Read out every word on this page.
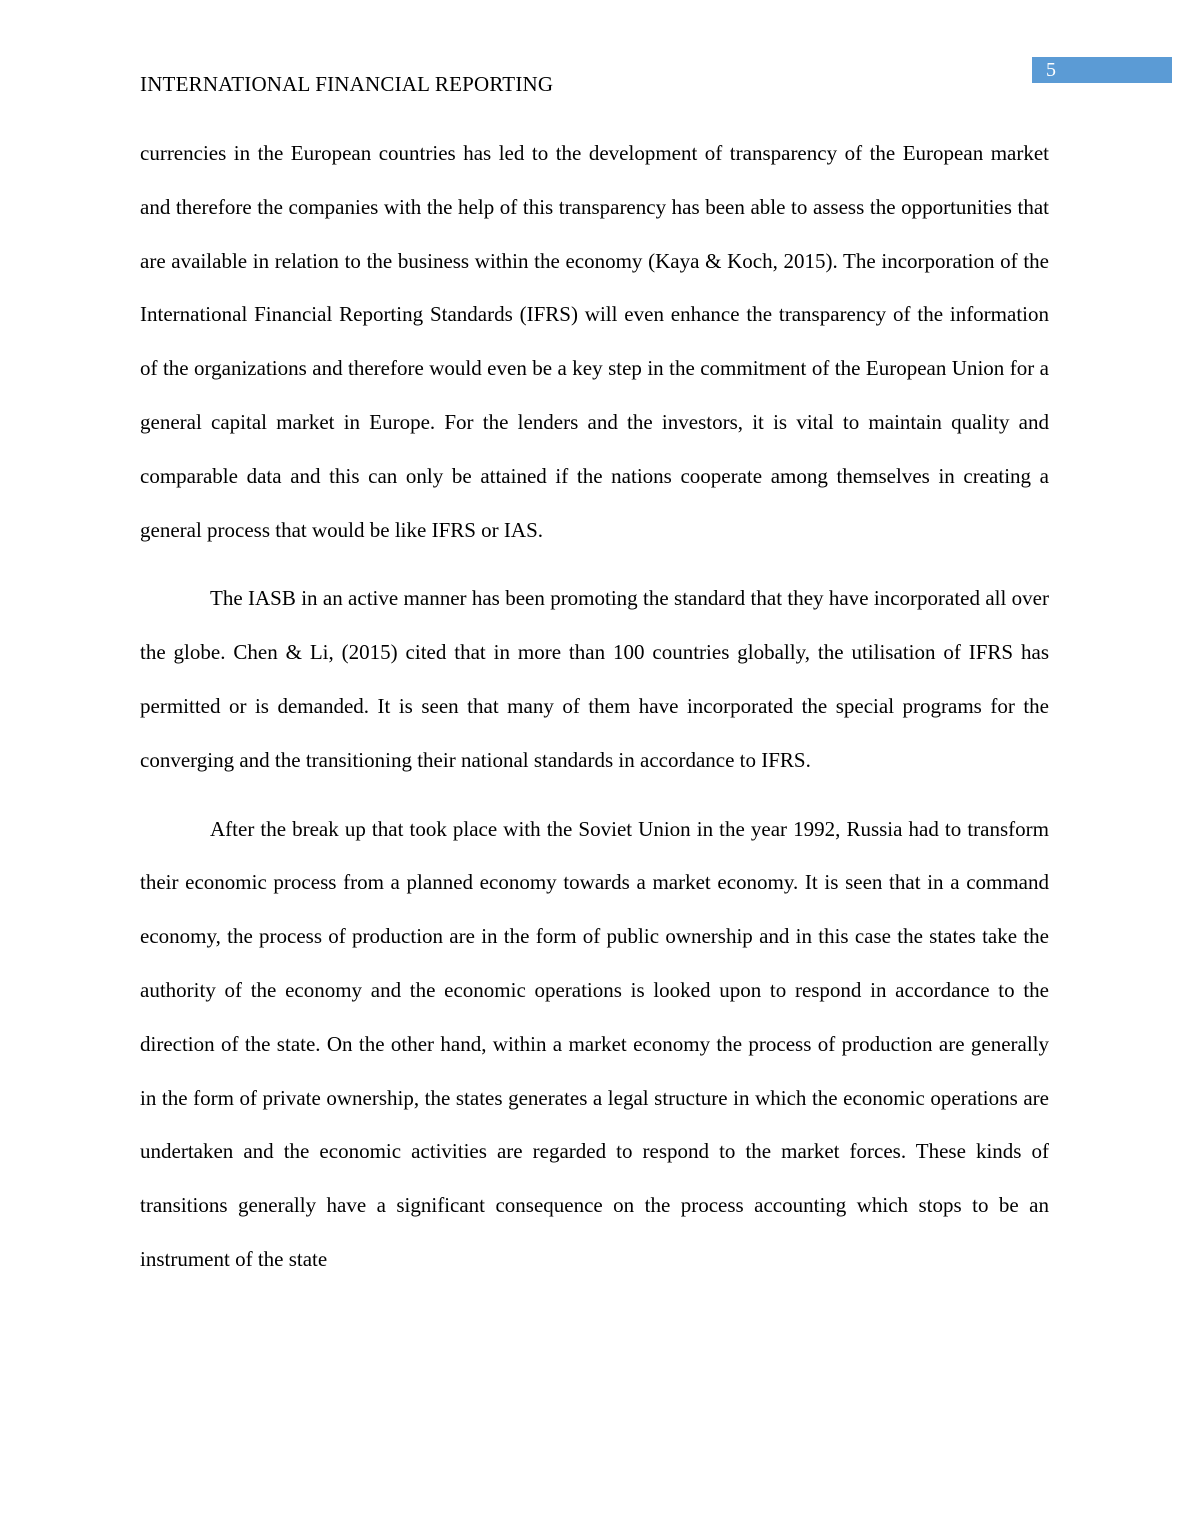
INTERNATIONAL FINANCIAL REPORTING
5

currencies in the European countries has led to the development of transparency of the European market and therefore the companies with the help of this transparency has been able to assess the opportunities that are available in relation to the business within the economy (Kaya & Koch, 2015). The incorporation of the International Financial Reporting Standards (IFRS) will even enhance the transparency of the information of the organizations and therefore would even be a key step in the commitment of the European Union for a general capital market in Europe. For the lenders and the investors, it is vital to maintain quality and comparable data and this can only be attained if the nations cooperate among themselves in creating a general process that would be like IFRS or IAS.

The IASB in an active manner has been promoting the standard that they have incorporated all over the globe. Chen & Li, (2015) cited that in more than 100 countries globally, the utilisation of IFRS has permitted or is demanded. It is seen that many of them have incorporated the special programs for the converging and the transitioning their national standards in accordance to IFRS.

After the break up that took place with the Soviet Union in the year 1992, Russia had to transform their economic process from a planned economy towards a market economy. It is seen that in a command economy, the process of production are in the form of public ownership and in this case the states take the authority of the economy and the economic operations is looked upon to respond in accordance to the direction of the state. On the other hand, within a market economy the process of production are generally in the form of private ownership, the states generates a legal structure in which the economic operations are undertaken and the economic activities are regarded to respond to the market forces. These kinds of transitions generally have a significant consequence on the process accounting which stops to be an instrument of the state
